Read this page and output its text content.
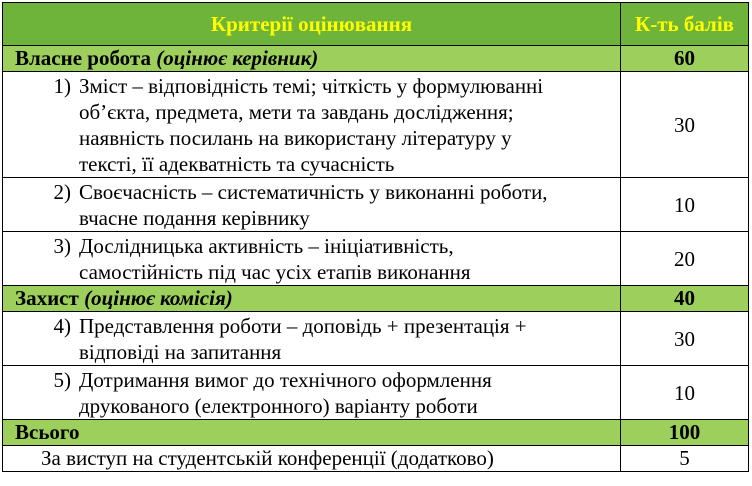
Критерії оцінювання	К-ть балів
Власне робота (оцінює керівник)	60

1) Зміст – відповідність темі; чіткість у формулюванні
об’єкта, предмета, мети та завдань дослідження;
наявність посилань на використану літературу у
тексті, її адекватність та сучасність	30

2) Своєчасність – систематичність у виконанні роботи,
вчасне подання керівнику	10

3) Дослідницька активність – ініціативність,
самостійність під час усіх етапів виконання	20
Захист (оцінює комісія)	40

4) Представлення роботи – доповідь + презентація +
відповіді на запитання	30

5) Дотримання вимог до технічного оформлення
друкованого (електронного) варіанту роботи	10
Всього	100
За виступ на студентській конференції (додатково)	5
